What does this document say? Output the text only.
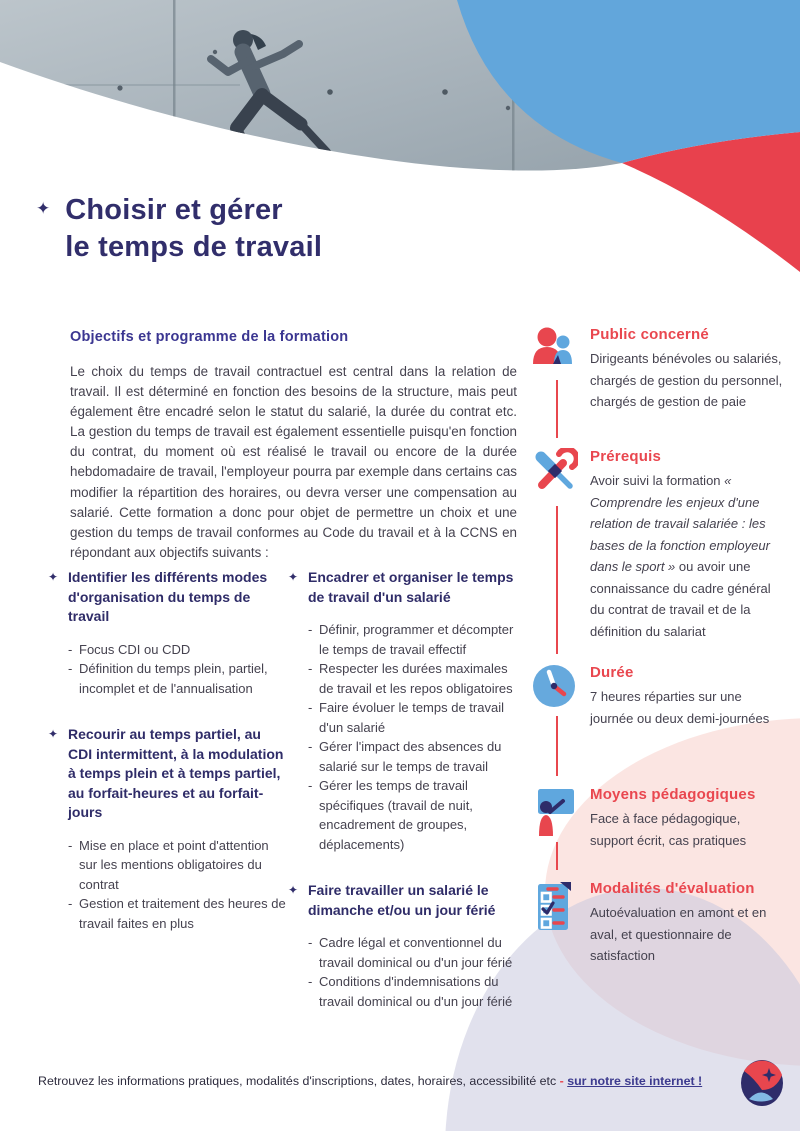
✦ Choisir et gérer
le temps de travail
Objectifs et programme de la formation

Le choix du temps de travail contractuel est central dans la relation de travail. Il est déterminé en fonction des besoins de la structure, mais peut également être encadré selon le statut du salarié, la durée du contrat etc. La gestion du temps de travail est également essentielle puisqu'en fonction du contrat, du moment où est réalisé le travail ou encore de la durée hebdomadaire de travail, l'employeur pourra par exemple dans certains cas modifier la répartition des horaires, ou devra verser une compensation au salarié. Cette formation a donc pour objet de permettre un choix et une gestion du temps de travail conformes au Code du travail et à la CCNS en répondant aux objectifs suivants :

✦ Identifier les différents modes d'organisation du temps de travail
- Focus CDI ou CDD
- Définition du temps plein, partiel, incomplet et de l'annualisation
✦ Recourir au temps partiel, au CDI intermittent, à la modulation à temps plein et à temps partiel, au forfait-heures et au forfait-jours
- Mise en place et point d'attention sur les mentions obligatoires du contrat
- Gestion et traitement des heures de travail faites en plus
✦ Encadrer et organiser le temps de travail d'un salarié
- Définir, programmer et décompter le temps de travail effectif
- Respecter les durées maximales de travail et les repos obligatoires
- Faire évoluer le temps de travail d'un salarié
- Gérer l'impact des absences du salarié sur le temps de travail
- Gérer les temps de travail spécifiques (travail de nuit, encadrement de groupes, déplacements)
✦ Faire travailler un salarié le dimanche et/ou un jour férié
- Cadre légal et conventionnel du travail dominical ou d'un jour férié
- Conditions d'indemnisations du travail dominical ou d'un jour férié
Public concerné
Dirigeants bénévoles ou salariés, chargés de gestion du personnel, chargés de gestion de paie
Prérequis
Avoir suivi la formation « Comprendre les enjeux d'une relation de travail salariée : les bases de la fonction employeur dans le sport » ou avoir une connaissance du cadre général du contrat de travail et de la définition du salariat
Durée
7 heures réparties sur une journée ou deux demi-journées
Moyens pédagogiques
Face à face pédagogique, support écrit, cas pratiques
Modalités d'évaluation
Autoévaluation en amont et en aval, et questionnaire de satisfaction
Retrouvez les informations pratiques, modalités d'inscriptions, dates, horaires, accessibilité etc - sur notre site internet !
